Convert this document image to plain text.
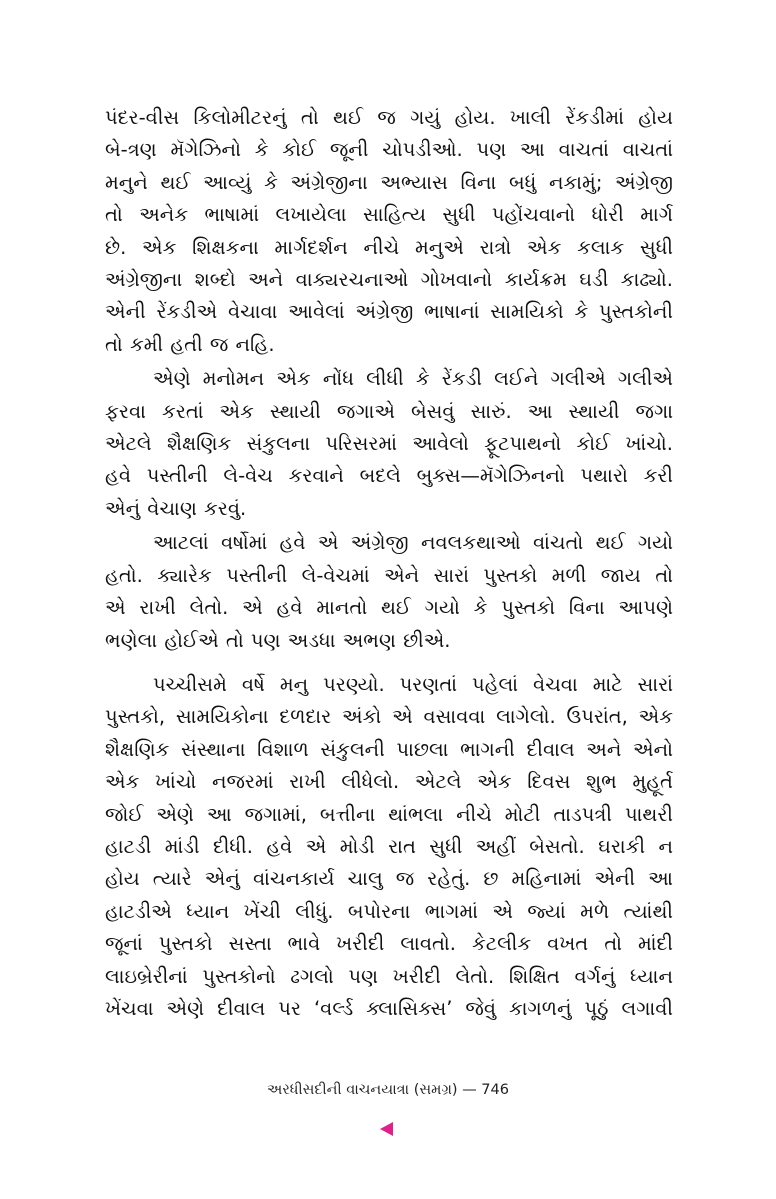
પંદર-વીસ કિલોમીટરનું તો થઈ જ ગયું હોય. ખાલી રેંકડીમાં હોય
બે-ત્રણ મૅગેઝિનો કે કોઈ જૂની ચોપડીઓ. પણ આ વાચતાં વાચતાં
મનુને થઈ આવ્યું કે અંગ્રેજીના અભ્યાસ વિના બધું નકામું; અંગ્રેજી
તો અનેક ભાષામાં લખાયેલા સાહિત્ય સુધી પહોંચવાનો ધોરી માર્ગ
છે. એક શિક્ષકના માર્ગદર્શન નીચે મનુએ રાત્રો એક કલાક સુધી
અંગ્રેજીના શબ્દો અને વાક્યરચનાઓ ગોખવાનો કાર્યક્રમ ઘડી કાઢ્યો.
એની રેંકડીએ વેચાવા આવેલાં અંગ્રેજી ભાષાનાં સામયિકો કે પુસ્તકોની
તો કમી હતી જ નહિ.

એણે મનોમન એક નોંધ લીધી કે રેંકડી લઈને ગલીએ ગલીએ
ફરવા કરતાં એક સ્થાયી જગાએ બેસવું સારું. આ સ્થાયી જગા
એટલે શૈક્ષણિક સંકુલના પરિસરમાં આવેલો ફૂટપાથનો કોઈ ખાંચો.
હવે પસ્તીની લે-વેચ કરવાને બદલે બુક્સ—મૅગેઝિનનો પથારો કરી
એનું વેચાણ કરવું.

આટલાં વર્ષોમાં હવે એ અંગ્રેજી નવલકથાઓ વાંચતો થઈ ગયો
હતો. ક્યારેક પસ્તીની લે-વેચમાં એને સારાં પુસ્તકો મળી જાય તો
એ રાખી લેતો. એ હવે માનતો થઈ ગયો કે પુસ્તકો વિના આપણે
ભણેલા હોઈએ તો પણ અડધા અભણ છીએ.

પચ્ચીસમે વર્ષે મનુ પરણ્યો. પરણતાં પહેલાં વેચવા માટે સારાં
પુસ્તકો, સામયિકોના દળદાર અંકો એ વસાવવા લાગેલો. ઉપરાંત, એક
શૈક્ષણિક સંસ્થાના વિશાળ સંકુલની પાછલા ભાગની દીવાલ અને એનો
એક ખાંચો નજરમાં રાખી લીધેલો. એટલે એક દિવસ શુભ મુહૂર્ત
જોઈ એણે આ જગામાં, બત્તીના થાંભલા નીચે મોટી તાડપત્રી પાથરી
હાટડી માંડી દીધી. હવે એ મોડી રાત સુધી અહીં બેસતો. ઘરાકી ન
હોય ત્યારે એનું વાંચનકાર્ય ચાલુ જ રહેતું. છ મહિનામાં એની આ
હાટડીએ ધ્યાન ખેંચી લીધું. બપોરના ભાગમાં એ જ્યાં મળે ત્યાંથી
જૂનાં પુસ્તકો સસ્તા ભાવે ખરીદી લાવતો. કેટલીક વખત તો માંદી
લાઇબ્રેરીનાં પુસ્તકોનો ઢગલો પણ ખરીદી લેતો. શિક્ષિત વર્ગનું ધ્યાન
ખેંચવા એણે દીવાલ પર ‘વર્લ્ડ ક્લાસિક્સ’ જેવું કાગળનું પૂઠું લગાવી

અરધીસદીની વાચનયાત્રા (સમગ્ર) — 746
